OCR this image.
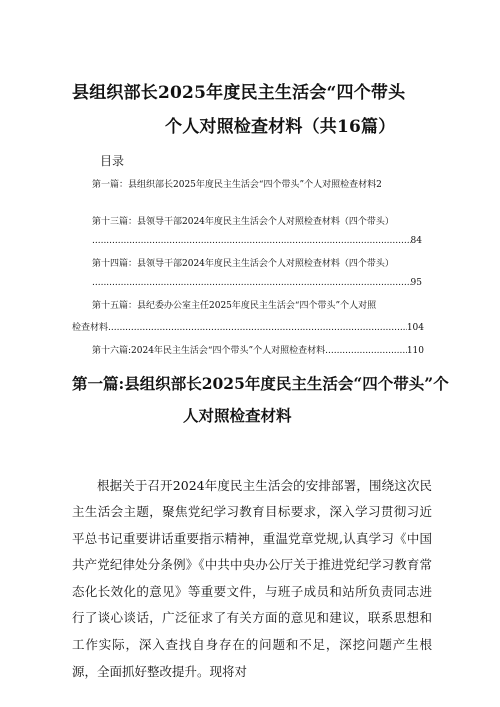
县组织部长2025年度民主生活会“四个带头
个人对照检查材料（共16篇）
目录
第一篇：县组织部长2025年度民主生活会“四个带头”个人对照检查材料2
第十三篇：县领导干部2024年度民主生活会个人对照检查材料（四个带头）
.....
84
第十四篇：县领导干部2024年度民主生活会个人对照检查材料（四个带头）
.....
95
第十五篇：县纪委办公室主任2025年度民主生活会“四个带头”个人对照
检查材料 .....	104
第十六篇:2024年民主生活会“四个带头”个人对照检查材料 .....	110
第一篇:县组织部长2025年度民主生活会“四个带头”个
人对照检查材料

根据关于召开2024年度民主生活会的安排部署，围绕这次民主生活会主题，聚焦党纪学习教育目标要求，深入学习贯彻习近平总书记重要讲话重要指示精神，重温党章党规,认真学习《中国共产党纪律处分条例》《中共中央办公厅关于推进党纪学习教育常态化长效化的意见》等重要文件，与班子成员和站所负责同志进行了谈心谈话，广泛征求了有关方面的意见和建议，联系思想和工作实际，深入查找自身存在的问题和不足，深挖问题产生根源，全面抓好整改提升。现将对
